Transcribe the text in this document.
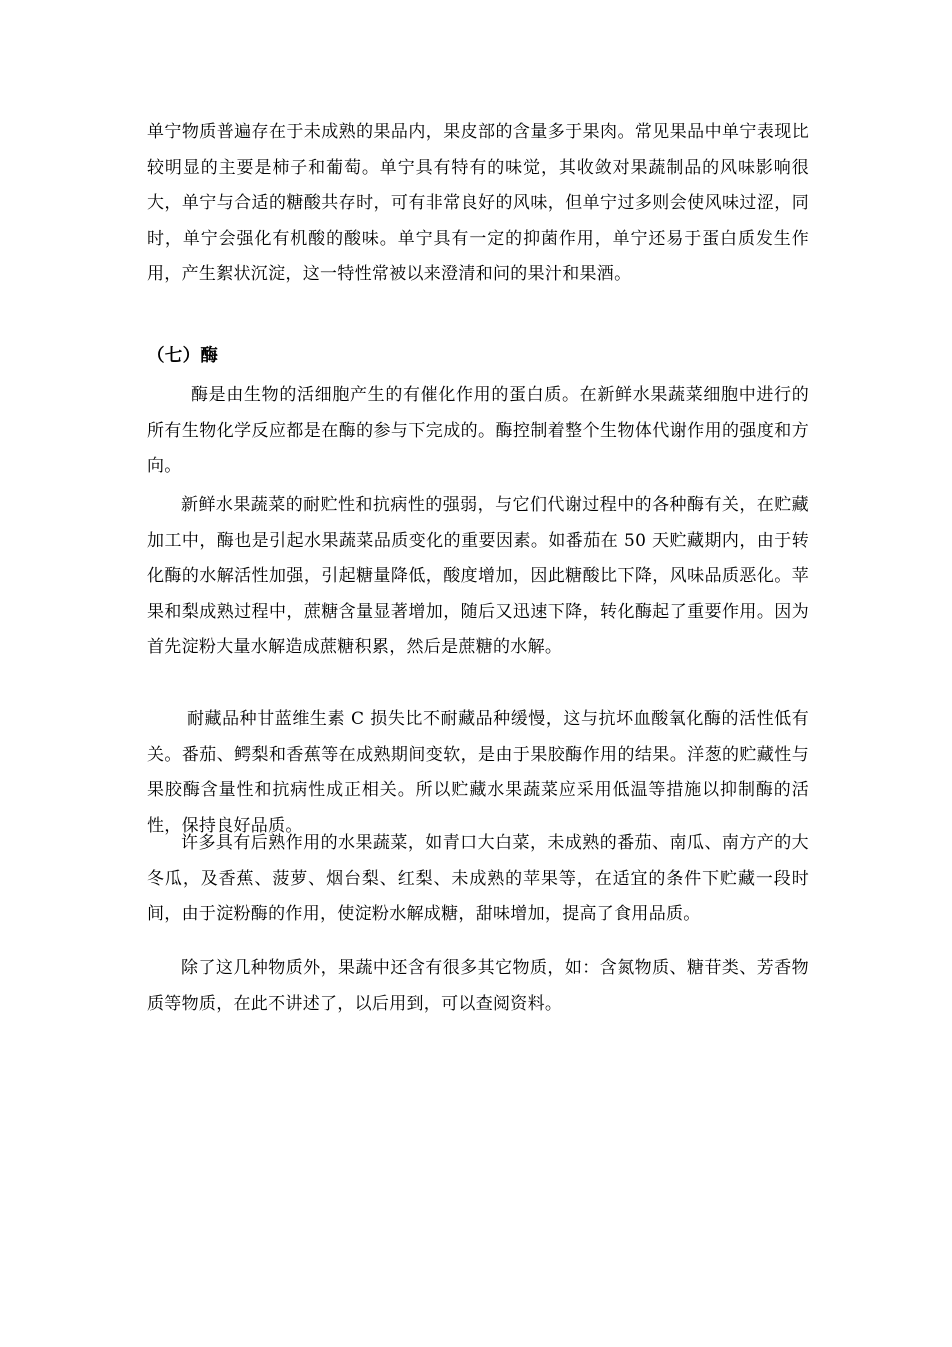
单宁物质普遍存在于未成熟的果品内，果皮部的含量多于果肉。常见果品中单宁表现比较明显的主要是柿子和葡萄。单宁具有特有的味觉，其收敛对果蔬制品的风味影响很大，单宁与合适的糖酸共存时，可有非常良好的风味，但单宁过多则会使风味过涩，同时，单宁会强化有机酸的酸味。单宁具有一定的抑菌作用，单宁还易于蛋白质发生作用，产生絮状沉淀，这一特性常被以来澄清和问的果汁和果酒。

（七）酶

酶是由生物的活细胞产生的有催化作用的蛋白质。在新鲜水果蔬菜细胞中进行的所有生物化学反应都是在酶的参与下完成的。酶控制着整个生物体代谢作用的强度和方向。

新鲜水果蔬菜的耐贮性和抗病性的强弱，与它们代谢过程中的各种酶有关，在贮藏加工中，酶也是引起水果蔬菜品质变化的重要因素。如番茄在 50 天贮藏期内，由于转化酶的水解活性加强，引起糖量降低，酸度增加，因此糖酸比下降，风味品质恶化。苹果和梨成熟过程中，蔗糖含量显著增加，随后又迅速下降，转化酶起了重要作用。因为首先淀粉大量水解造成蔗糖积累，然后是蔗糖的水解。

耐藏品种甘蓝维生素 C 损失比不耐藏品种缓慢，这与抗坏血酸氧化酶的活性低有关。番茄、鳄梨和香蕉等在成熟期间变软，是由于果胶酶作用的结果。洋葱的贮藏性与果胶酶含量性和抗病性成正相关。所以贮藏水果蔬菜应采用低温等措施以抑制酶的活性，保持良好品质。

许多具有后熟作用的水果蔬菜，如青口大白菜，未成熟的番茄、南瓜、南方产的大冬瓜，及香蕉、菠萝、烟台梨、红梨、未成熟的苹果等，在适宜的条件下贮藏一段时间，由于淀粉酶的作用，使淀粉水解成糖，甜味增加，提高了食用品质。

除了这几种物质外，果蔬中还含有很多其它物质，如：含氮物质、糖苷类、芳香物质等物质，在此不讲述了，以后用到，可以查阅资料。
